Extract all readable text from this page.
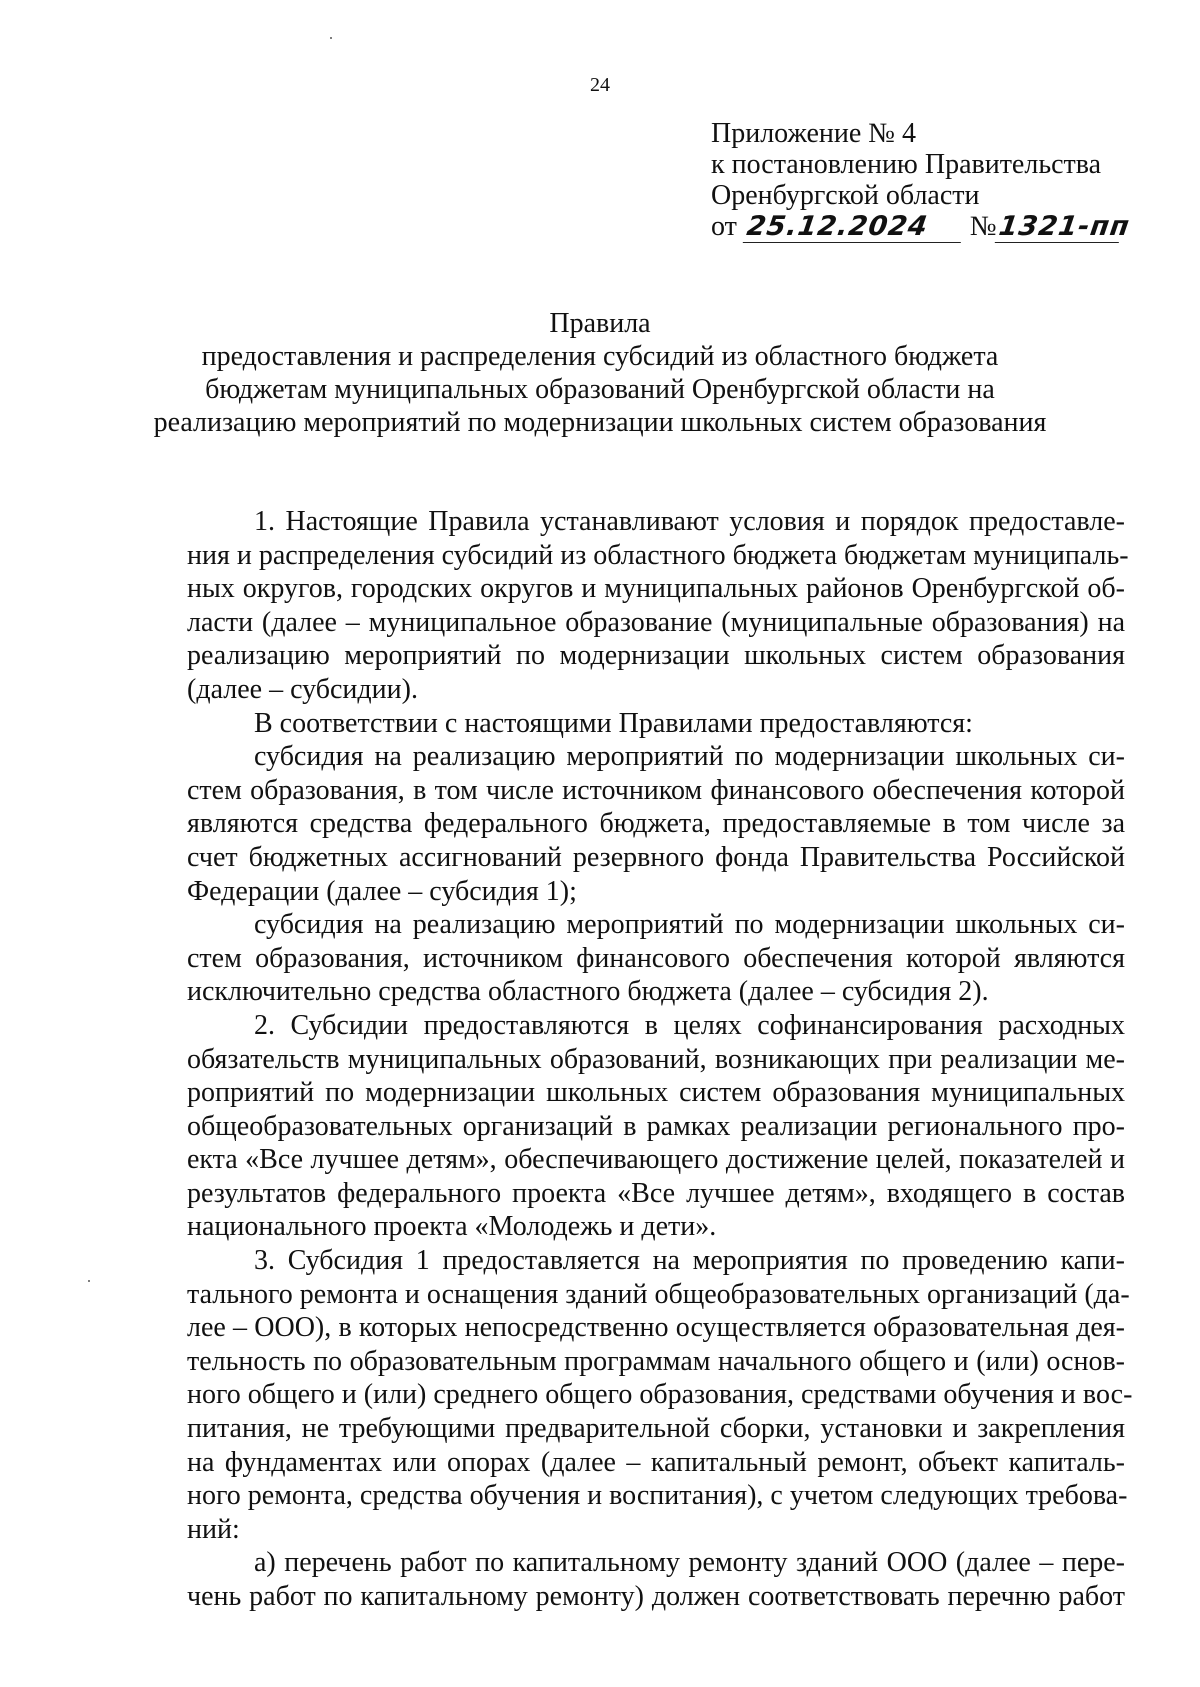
24
Приложение № 4
к постановлению Правительства
Оренбургской области
от 25.12.2024 №1321-пп
Правила
предоставления и распределения субсидий из областного бюджета
бюджетам муниципальных образований Оренбургской области на
реализацию мероприятий по модернизации школьных систем образования
1. Настоящие Правила устанавливают условия и порядок предоставле-
ния и распределения субсидий из областного бюджета бюджетам муниципаль-
ных округов, городских округов и муниципальных районов Оренбургской об-
ласти (далее – муниципальное образование (муниципальные образования) на
реализацию мероприятий по модернизации школьных систем образования
(далее – субсидии).
В соответствии с настоящими Правилами предоставляются:
субсидия на реализацию мероприятий по модернизации школьных си-
стем образования, в том числе источником финансового обеспечения которой
являются средства федерального бюджета, предоставляемые в том числе за
счет бюджетных ассигнований резервного фонда Правительства Российской
Федерации (далее – субсидия 1);
субсидия на реализацию мероприятий по модернизации школьных си-
стем образования, источником финансового обеспечения которой являются
исключительно средства областного бюджета (далее – субсидия 2).
2. Субсидии предоставляются в целях софинансирования расходных
обязательств муниципальных образований, возникающих при реализации ме-
роприятий по модернизации школьных систем образования муниципальных
общеобразовательных организаций в рамках реализации регионального про-
екта «Все лучшее детям», обеспечивающего достижение целей, показателей и
результатов федерального проекта «Все лучшее детям», входящего в состав
национального проекта «Молодежь и дети».
3. Субсидия 1 предоставляется на мероприятия по проведению капи-
тального ремонта и оснащения зданий общеобразовательных организаций (да-
лее – ООО), в которых непосредственно осуществляется образовательная дея-
тельность по образовательным программам начального общего и (или) основ-
ного общего и (или) среднего общего образования, средствами обучения и вос-
питания, не требующими предварительной сборки, установки и закрепления
на фундаментах или опорах (далее – капитальный ремонт, объект капиталь-
ного ремонта, средства обучения и воспитания), с учетом следующих требова-
ний:
а) перечень работ по капитальному ремонту зданий ООО (далее – пере-
чень работ по капитальному ремонту) должен соответствовать перечню работ
